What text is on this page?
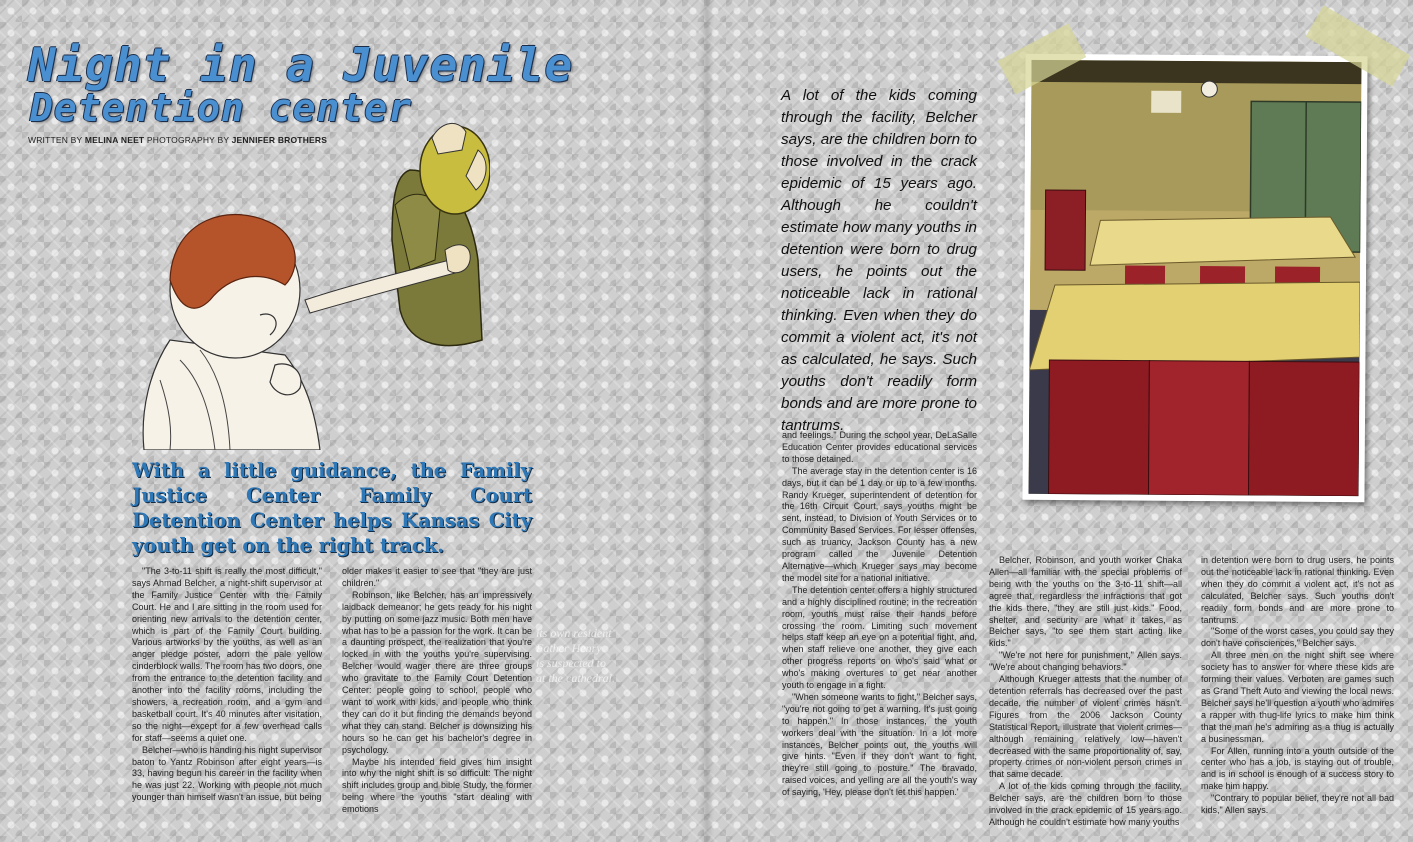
Night in a Juvenile
Detention center
WRITTEN BY MELINA NEET PHOTOGRAPHY BY JENNIFER BROTHERS
With a little guidance, the Family Justice Center Family Court Detention Center helps Kansas City youth get on the right track.

"The 3-to-11 shift is really the most difficult," says Ahmad Belcher, a night-shift supervisor at the Family Justice Center with the Family Court. He and I are sitting in the room used for orienting new arrivals to the detention center, which is part of the Family Court building. Various artworks by the youths, as well as an anger pledge poster, adorn the pale yellow cinderblock walls. The room has two doors, one from the entrance to the detention facility and another into the facility rooms, including the showers, a recreation room, and a gym and basketball court. It's 40 minutes after visitation, so the night—except for a few overhead calls for staff—seems a quiet one.

Belcher—who is handing his night supervisor baton to Yantz Robinson after eight years—is 33, having begun his career in the facility when he was just 22. Working with people not much younger than himself wasn't an issue, but being

older makes it easier to see that "they are just children."

Robinson, like Belcher, has an impressively laidback demeanor; he gets ready for his night by putting on some jazz music. Both men have what has to be a passion for the work. It can be a daunting prospect, the realization that you're locked in with the youths you're supervising. Belcher would wager there are three groups who gravitate to the Family Court Detention Center: people going to school, people who want to work with kids, and people who think they can do it but finding the demands beyond what they can stand. Belcher is downsizing his hours so he can get his bachelor's degree in psychology.

Maybe his intended field gives him insight into why the night shift is so difficult: The night shift includes group and bible Study, the former being where the youths "start dealing with emotions

its own resident
Father Henry
is suspected to
at the cathedral.

A lot of the kids coming through the facility, Belcher says, are the children born to those involved in the crack epidemic of 15 years ago. Although he couldn't estimate how many youths in detention were born to drug users, he points out the noticeable lack in rational thinking. Even when they do commit a violent act, it's not as calculated, he says. Such youths don't readily form bonds and are more prone to tantrums.

and feelings." During the school year, DeLaSalle Education Center provides educational services to those detained.

The average stay in the detention center is 16 days, but it can be 1 day or up to a few months. Randy Krueger, superintendent of detention for the 16th Circuit Court, says youths might be sent, instead, to Division of Youth Services or to Community Based Services. For lesser offenses, such as truancy, Jackson County has a new program called the Juvenile Detention Alternative—which Krueger says may become the model site for a national initiative.

The detention center offers a highly structured and a highly disciplined routine; in the recreation room, youths must raise their hands before crossing the room. Limiting such movement helps staff keep an eye on a potential fight, and, when staff relieve one another, they give each other progress reports on who's said what or who's making overtures to get near another youth to engage in a fight.

"When someone wants to fight," Belcher says, "you're not going to get a warning. It's just going to happen." In those instances, the youth workers deal with the situation. In a lot more instances, Belcher points out, the youths will give hints. "Even if they don't want to fight, they're still going to posture." The bravado, raised voices, and yelling are all the youth's way of saying, 'Hey, please don't let this happen.'

Belcher, Robinson, and youth worker Chaka Allen—all familiar with the special problems of being with the youths on the 3-to-11 shift—all agree that, regardless the infractions that got the kids there, "they are still just kids." Food, shelter, and security are what it takes, as Belcher says, "to see them start acting like kids."

"We're not here for punishment," Allen says. "We're about changing behaviors."

Although Krueger attests that the number of detention referrals has decreased over the past decade, the number of violent crimes hasn't. Figures from the 2006 Jackson County Statistical Report, illustrate that violent crimes—although remaining relatively low—haven't decreased with the same proportionality of, say, property crimes or non-violent person crimes in that same decade.

A lot of the kids coming through the facility, Belcher says, are the children born to those involved in the crack epidemic of 15 years ago. Although he couldn't estimate how many youths

in detention were born to drug users, he points out the noticeable lack in rational thinking. Even when they do commit a violent act, it's not as calculated, Belcher says. Such youths don't readily form bonds and are more prone to tantrums.

"Some of the worst cases, you could say they don't have consciences," Belcher says.

All three men on the night shift see where society has to answer for where these kids are forming their values. Verboten are games such as Grand Theft Auto and viewing the local news. Belcher says he'll question a youth who admires a rapper with thug-life lyrics to make him think that the man he's admiring as a thug is actually a businessman.

For Allen, running into a youth outside of the center who has a job, is staying out of trouble, and is in school is enough of a success story to make him happy.

"Contrary to popular belief, they're not all bad kids," Allen says.
